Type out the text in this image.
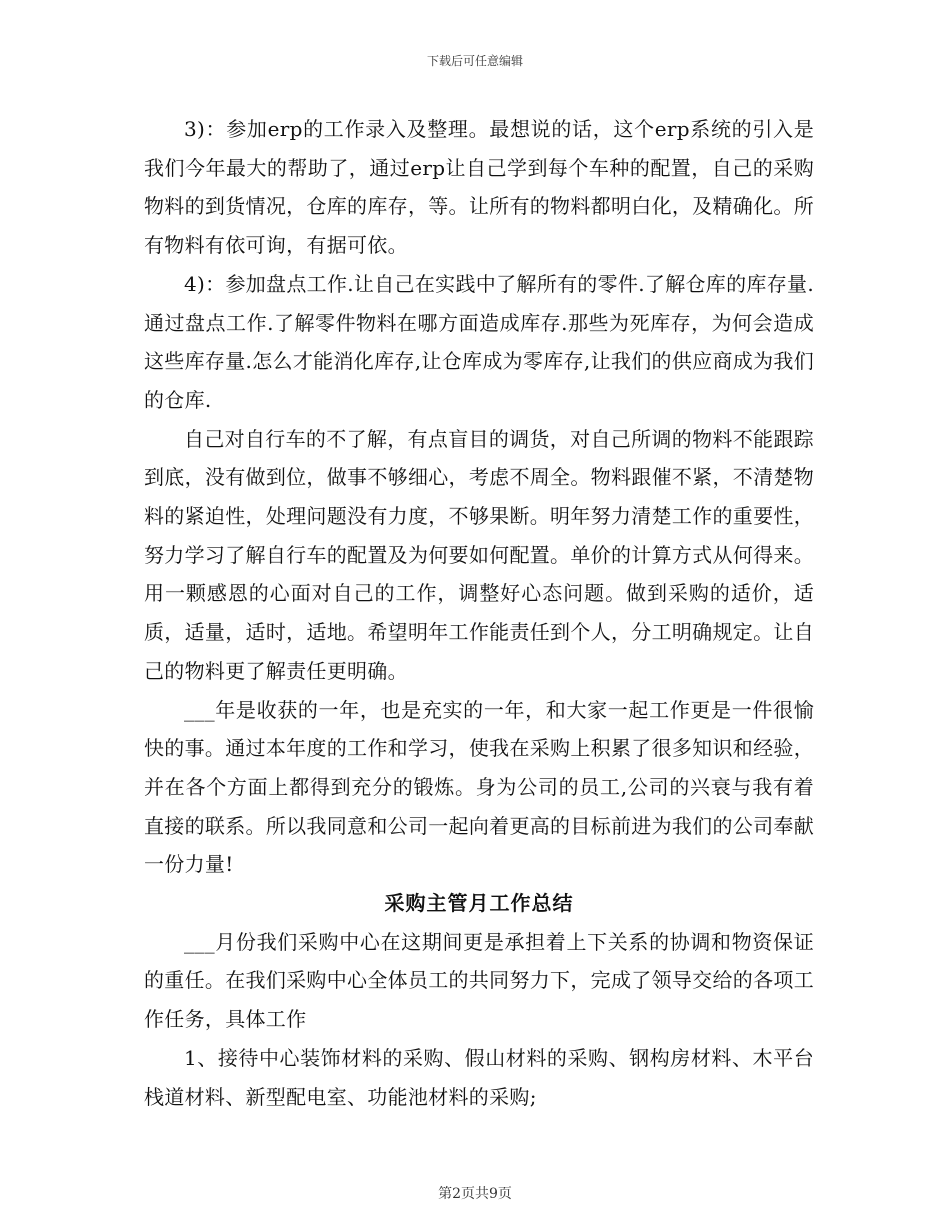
下载后可任意编辑

3)：参加erp的工作录入及整理。最想说的话，这个erp系统的引入是我们今年最大的帮助了，通过erp让自己学到每个车种的配置，自己的采购物料的到货情况，仓库的库存，等。让所有的物料都明白化，及精确化。所有物料有依可询，有据可依。

4)：参加盘点工作.让自己在实践中了解所有的零件.了解仓库的库存量.通过盘点工作.了解零件物料在哪方面造成库存.那些为死库存，为何会造成这些库存量.怎么才能消化库存,让仓库成为零库存,让我们的供应商成为我们的仓库.

自己对自行车的不了解，有点盲目的调货，对自己所调的物料不能跟踪到底，没有做到位，做事不够细心，考虑不周全。物料跟催不紧，不清楚物料的紧迫性，处理问题没有力度，不够果断。明年努力清楚工作的重要性，努力学习了解自行车的配置及为何要如何配置。单价的计算方式从何得来。用一颗感恩的心面对自己的工作，调整好心态问题。做到采购的适价，适质，适量，适时，适地。希望明年工作能责任到个人，分工明确规定。让自己的物料更了解责任更明确。

___年是收获的一年，也是充实的一年，和大家一起工作更是一件很愉快的事。通过本年度的工作和学习，使我在采购上积累了很多知识和经验，并在各个方面上都得到充分的锻炼。身为公司的员工,公司的兴衰与我有着直接的联系。所以我同意和公司一起向着更高的目标前进为我们的公司奉献一份力量!

采购主管月工作总结

___月份我们采购中心在这期间更是承担着上下关系的协调和物资保证的重任。在我们采购中心全体员工的共同努力下，完成了领导交给的各项工作任务，具体工作

1、接待中心装饰材料的采购、假山材料的采购、钢构房材料、木平台栈道材料、新型配电室、功能池材料的采购;

第2页共9页
